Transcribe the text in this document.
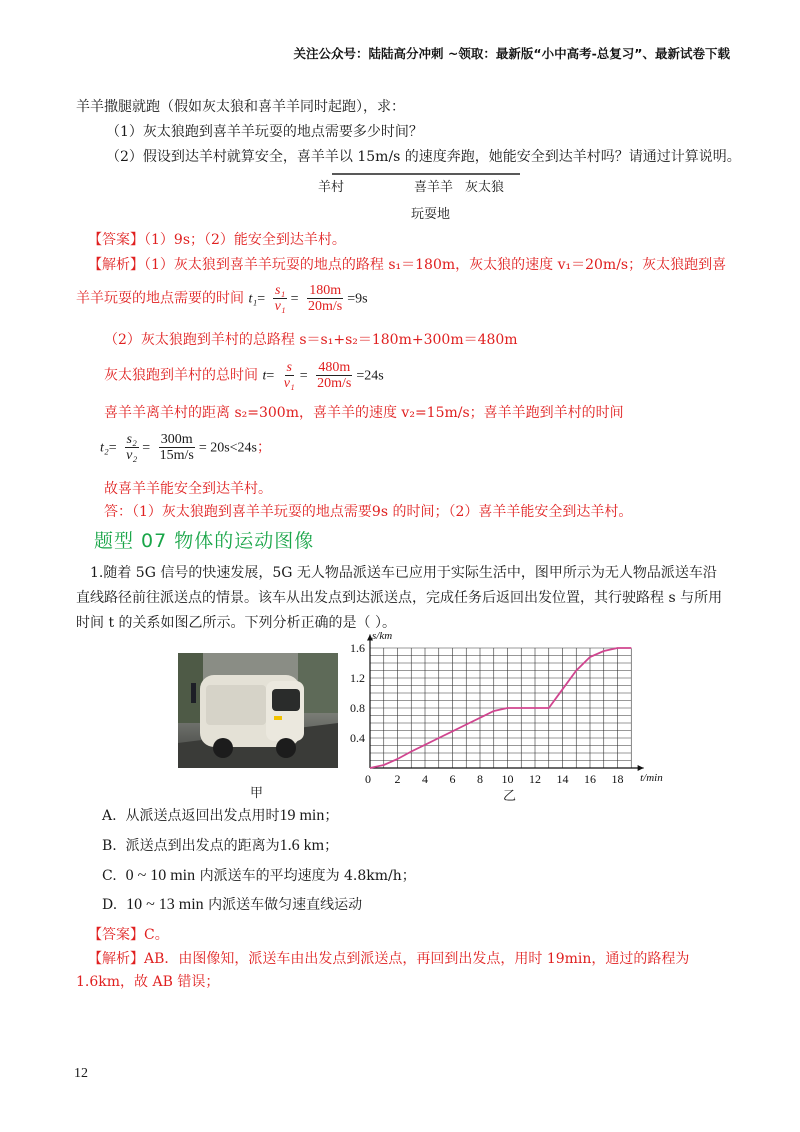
关注公众号：陆陆高分冲刺 ~领取：最新版“小中高考-总复习”、最新试卷下载
羊羊撒腿就跑（假如灰太狼和喜羊羊同时起跑），求：
（1）灰太狼跑到喜羊羊玩耍的地点需要多少时间？
（2）假设到达羊村就算安全，喜羊羊以 15m/s 的速度奔跑，她能安全到达羊村吗？请通过计算说明。
羊村	喜羊羊 灰太狼
玩耍地
【答案】（1）9s；（2）能安全到达羊村。
【解析】（1）灰太狼到喜羊羊玩耍的地点的路程 s₁＝180m，灰太狼的速度 v₁＝20m/s；灰太狼跑到喜
羊羊玩耍的地点需要的时间 $t_1= \frac{\text{s₁}}{\text{v₁}} = \frac{180m}{20m/s} =9s$
（2）灰太狼跑到羊村的总路程 s＝s₁+s₂＝180m+300m＝480m
灰太狼跑到羊村的总时间 $t= \frac{s}{\text{v₁}} = \frac{480m}{20m/s} =24s$
喜羊羊离羊村的距离 s₂=300m，喜羊羊的速度 v₂=15m/s；喜羊羊跑到羊村的时间
$t_2= \frac{\text{s₂}}{\text{v₂}} = \frac{300m}{15m/s} = 20s<24s$；
故喜羊羊能安全到达羊村。
答：（1）灰太狼跑到喜羊羊玩耍的地点需要9s 的时间；（2）喜羊羊能安全到达羊村。
题型 07 物体的运动图像
1.随着 5G 信号的快速发展，5G 无人物品派送车已应用于实际生活中，图甲所示为无人物品派送车沿
直线路径前往派送点的情景。该车从出发点到达派送点，完成任务后返回出发位置，其行驶路程 s 与所用
时间 t 的关系如图乙所示。下列分析正确的是（ ）。
甲
0 2 4 6 8 10 12 14 16 18
0.4
0.8
1.2
1.6
t/min
s/km
乙
A. 从派送点返回出发点用时19 min；
B. 派送点到出发点的距离为1.6 km；
C. 0 ~ 10 min 内派送车的平均速度为 4.8km/h；
D. 10 ~ 13 min 内派送车做匀速直线运动
【答案】C。
【解析】AB．由图像知，派送车由出发点到派送点，再回到出发点，用时 19min，通过的路程为
1.6km，故 AB 错误；
12
